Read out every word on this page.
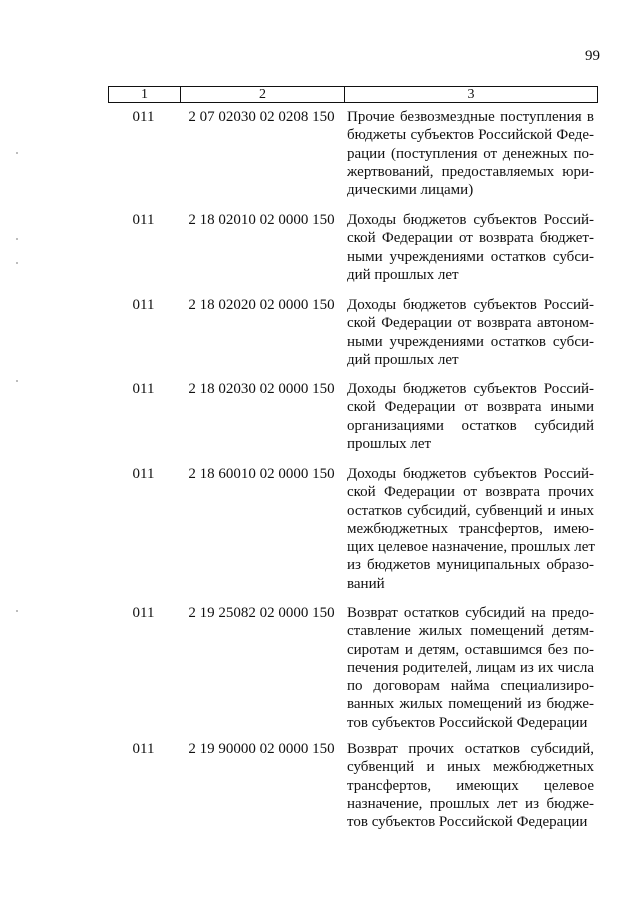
99
1	2	3
011	2 07 02030 02 0208 150 Прочие безвозмездные поступления в
бюджеты субъектов Российской Феде-
рации (поступления от денежных по-
жертвований, предоставляемых юри-
дическими лицами)
011	2 18 02010 02 0000 150 Доходы бюджетов субъектов Россий-
ской Федерации от возврата бюджет-
ными учреждениями остатков субси-
дий прошлых лет
011	2 18 02020 02 0000 150 Доходы бюджетов субъектов Россий-
ской Федерации от возврата автоном-
ными учреждениями остатков субси-
дий прошлых лет
011	2 18 02030 02 0000 150 Доходы бюджетов субъектов Россий-
ской Федерации от возврата иными
организациями остатков субсидий
прошлых лет
011	2 18 60010 02 0000 150 Доходы бюджетов субъектов Россий-
ской Федерации от возврата прочих
остатков субсидий, субвенций и иных
межбюджетных трансфертов, имею-
щих целевое назначение, прошлых лет
из бюджетов муниципальных образо-
ваний
011	2 19 25082 02 0000 150 Возврат остатков субсидий на предо-
ставление жилых помещений детям-
сиротам и детям, оставшимся без по-
печения родителей, лицам из их числа
по договорам найма специализиро-
ванных жилых помещений из бюдже-
тов субъектов Российской Федерации
011	2 19 90000 02 0000 150 Возврат прочих остатков субсидий,
субвенций и иных межбюджетных
трансфертов, имеющих целевое
назначение, прошлых лет из бюдже-
тов субъектов Российской Федерации
